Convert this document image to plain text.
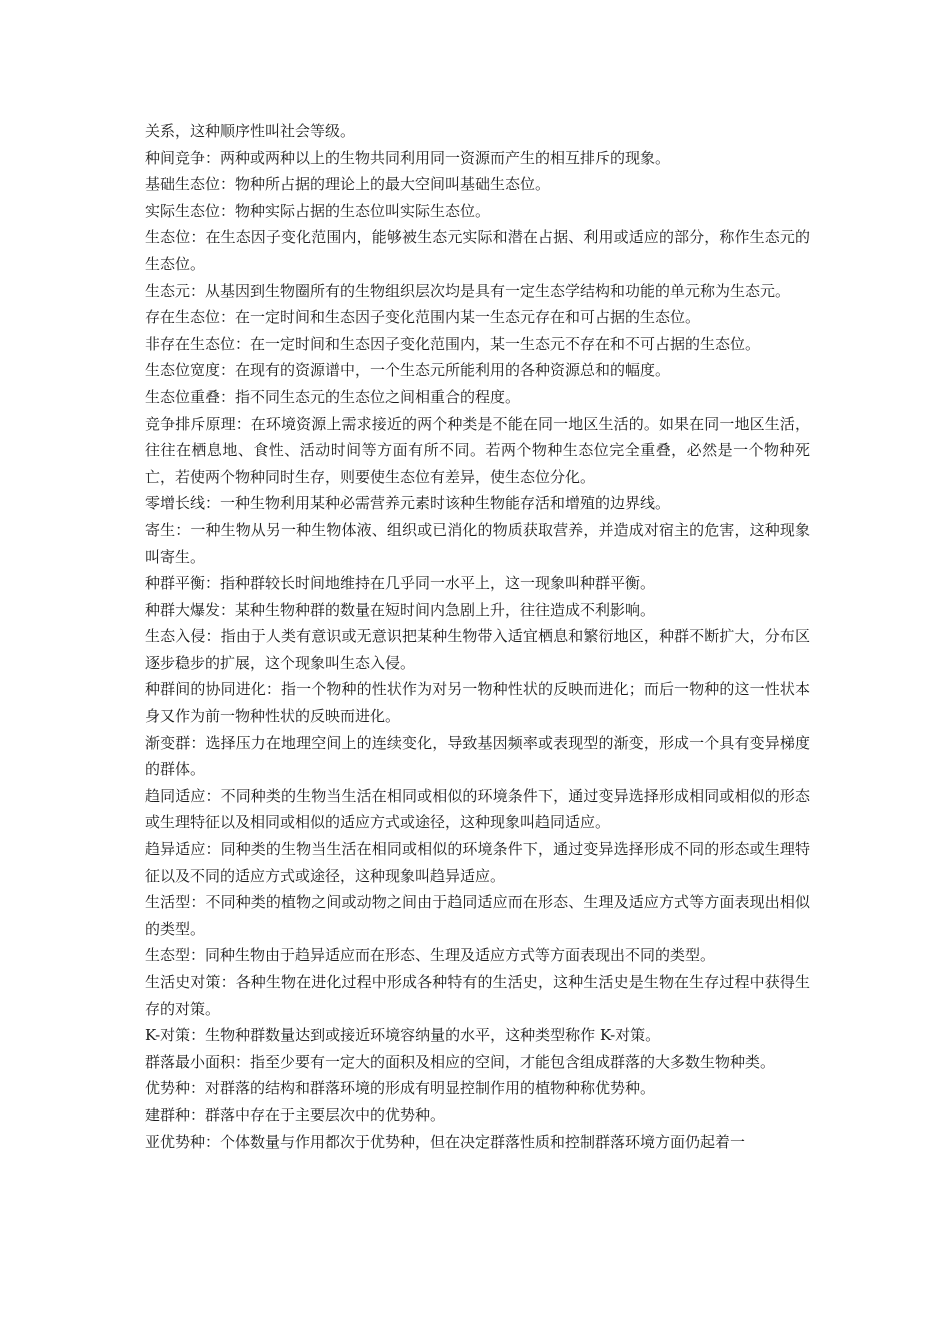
关系，这种顺序性叫社会等级。

种间竞争：两种或两种以上的生物共同利用同一资源而产生的相互排斥的现象。

基础生态位：物种所占据的理论上的最大空间叫基础生态位。

实际生态位：物种实际占据的生态位叫实际生态位。

生态位：在生态因子变化范围内，能够被生态元实际和潜在占据、利用或适应的部分，称作生态元的生态位。

生态元：从基因到生物圈所有的生物组织层次均是具有一定生态学结构和功能的单元称为生态元。

存在生态位：在一定时间和生态因子变化范围内某一生态元存在和可占据的生态位。

非存在生态位：在一定时间和生态因子变化范围内，某一生态元不存在和不可占据的生态位。

生态位宽度：在现有的资源谱中，一个生态元所能利用的各种资源总和的幅度。

生态位重叠：指不同生态元的生态位之间相重合的程度。

竞争排斥原理：在环境资源上需求接近的两个种类是不能在同一地区生活的。如果在同一地区生活，往往在栖息地、食性、活动时间等方面有所不同。若两个物种生态位完全重叠，必然是一个物种死亡，若使两个物种同时生存，则要使生态位有差异，使生态位分化。

零增长线：一种生物利用某种必需营养元素时该种生物能存活和增殖的边界线。

寄生：一种生物从另一种生物体液、组织或已消化的物质获取营养，并造成对宿主的危害，这种现象叫寄生。

种群平衡：指种群较长时间地维持在几乎同一水平上，这一现象叫种群平衡。

种群大爆发：某种生物种群的数量在短时间内急剧上升，往往造成不利影响。

生态入侵：指由于人类有意识或无意识把某种生物带入适宜栖息和繁衍地区，种群不断扩大，分布区逐步稳步的扩展，这个现象叫生态入侵。

种群间的协同进化：指一个物种的性状作为对另一物种性状的反映而进化；而后一物种的这一性状本身又作为前一物种性状的反映而进化。

渐变群：选择压力在地理空间上的连续变化，导致基因频率或表现型的渐变，形成一个具有变异梯度的群体。

趋同适应：不同种类的生物当生活在相同或相似的环境条件下，通过变异选择形成相同或相似的形态或生理特征以及相同或相似的适应方式或途径，这种现象叫趋同适应。

趋异适应：同种类的生物当生活在相同或相似的环境条件下，通过变异选择形成不同的形态或生理特征以及不同的适应方式或途径，这种现象叫趋异适应。

生活型：不同种类的植物之间或动物之间由于趋同适应而在形态、生理及适应方式等方面表现出相似的类型。

生态型：同种生物由于趋异适应而在形态、生理及适应方式等方面表现出不同的类型。

生活史对策：各种生物在进化过程中形成各种特有的生活史，这种生活史是生物在生存过程中获得生存的对策。

K-对策：生物种群数量达到或接近环境容纳量的水平，这种类型称作 K-对策。

群落最小面积：指至少要有一定大的面积及相应的空间，才能包含组成群落的大多数生物种类。

优势种：对群落的结构和群落环境的形成有明显控制作用的植物种称优势种。

建群种：群落中存在于主要层次中的优势种。

亚优势种：个体数量与作用都次于优势种，但在决定群落性质和控制群落环境方面仍起着一
